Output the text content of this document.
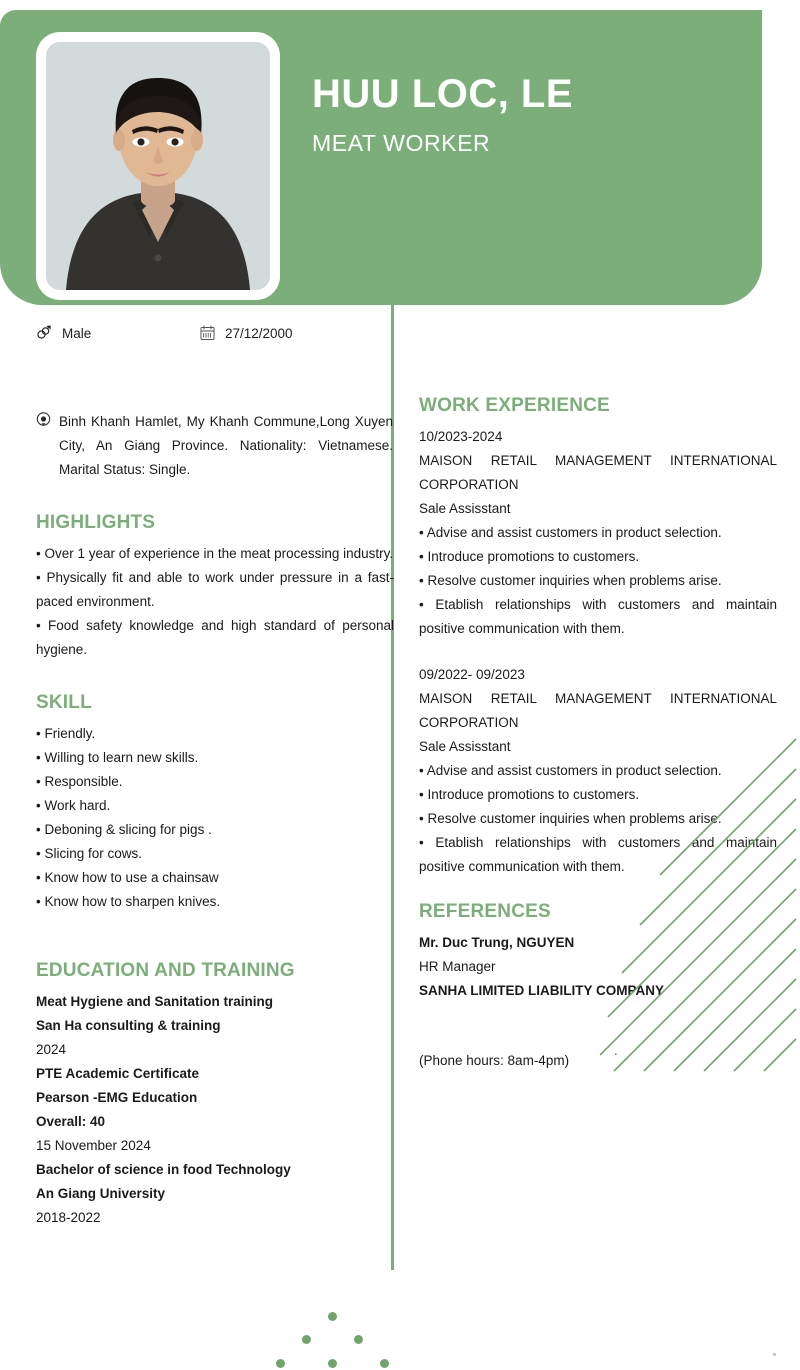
HUU LOC, LE
MEAT WORKER
Male	27/12/2000
Binh Khanh Hamlet, My Khanh Commune,Long Xuyen City, An Giang Province. Nationality: Vietnamese. Marital Status: Single.
HIGHLIGHTS

• Over 1 year of experience in the meat processing industry.

• Physically fit and able to work under pressure in a fast-paced environment.

• Food safety knowledge and high standard of personal hygiene.

SKILL
• Friendly.
• Willing to learn new skills.
• Responsible.
• Work hard.
• Deboning & slicing for pigs .
• Slicing for cows.
• Know how to use a chainsaw
• Know how to sharpen knives.
EDUCATION AND TRAINING
Meat Hygiene and Sanitation training
San Ha consulting & training
2024
PTE Academic Certificate
Pearson -EMG Education
Overall: 40
15 November 2024
Bachelor of science in food Technology
An Giang University
2018-2022
WORK EXPERIENCE
10/2023-2024
MAISON RETAIL MANAGEMENT INTERNATIONAL CORPORATION
Sale Assisstant
• Advise and assist customers in product selection.
• Introduce promotions to customers.
• Resolve customer inquiries when problems arise.
• Etablish relationships with customers and maintain positive communication with them.
09/2022- 09/2023
MAISON RETAIL MANAGEMENT INTERNATIONAL CORPORATION
Sale Assisstant
• Advise and assist customers in product selection.
• Introduce promotions to customers.
• Resolve customer inquiries when problems arise.
• Etablish relationships with customers and maintain positive communication with them.
REFERENCES
Mr. Duc Trung, NGUYEN
HR Manager
SANHA LIMITED LIABILITY COMPANY
(Phone hours: 8am-4pm)
.
